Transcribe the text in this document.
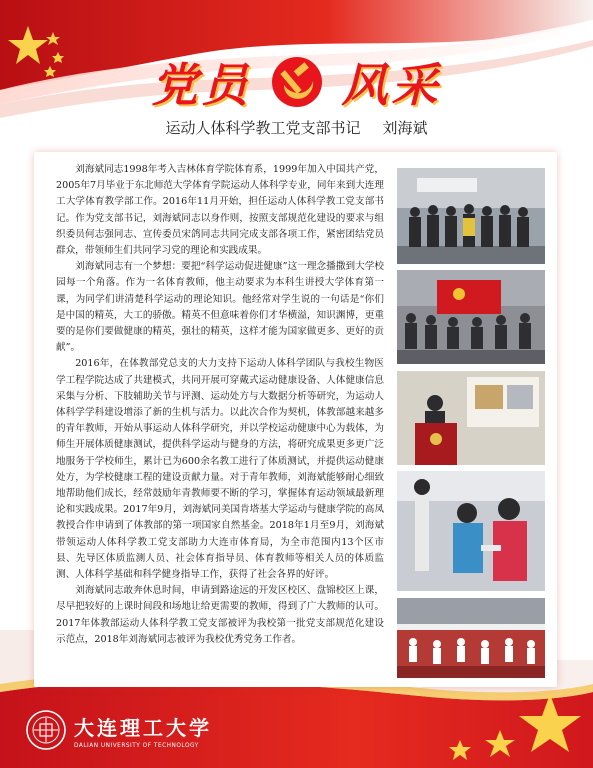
党员 风采
运动人体科学教工党支部书记 刘海斌

刘海斌同志1998年考入吉林体育学院体育系，1999年加入中国共产党，2005年7月毕业于东北师范大学体育学院运动人体科学专业，同年来到大连理工大学体育教学部工作。2016年11月开始，担任运动人体科学教工党支部书记。作为党支部书记，刘海斌同志以身作则，按照支部规范化建设的要求与组织委员何志强同志、宣传委员宋鸽同志共同完成支部各项工作，紧密团结党员群众，带领师生们共同学习党的理论和实践成果。

刘海斌同志有一个梦想：要把“科学运动促进健康”这一理念播撒到大学校园每一个角落。作为一名体育教师，他主动要求为本科生讲授大学体育第一课，为同学们讲清楚科学运动的理论知识。他经常对学生说的一句话是“你们是中国的精英，大工的骄傲。精英不但意味着你们才华横溢，知识渊博，更重要的是你们要做健康的精英，强壮的精英，这样才能为国家做更多、更好的贡献”。

2016年，在体教部党总支的大力支持下运动人体科学团队与我校生物医学工程学院达成了共建模式，共同开展可穿戴式运动健康设备、人体健康信息采集与分析、下肢辅助关节与评测、运动处方与大数据分析等研究，为运动人体科学学科建设增添了新的生机与活力。以此次合作为契机，体教部越来越多的青年教师，开始从事运动人体科学研究，并以学校运动健康中心为载体，为师生开展体质健康测试，提供科学运动与健身的方法，将研究成果更多更广泛地服务于学校师生，累计已为600余名教工进行了体质测试，并提供运动健康处方，为学校健康工程的建设贡献力量。对于青年教师，刘海斌能够耐心细致地帮助他们成长，经常鼓励年青教师要不断的学习，掌握体育运动领域最新理论和实践成果。2017年9月，刘海斌同美国肯塔基大学运动与健康学院的高凤教授合作申请到了体教部的第一项国家自然基金。2018年1月至9月，刘海斌带领运动人体科学教工党支部助力大连市体育局，为全市范围内13个区市县、先导区体质监测人员、社会体育指导员、体育教师等相关人员的体质监测、人体科学基础和科学健身指导工作，获得了社会各界的好评。

刘海斌同志敢奔休息时间，申请到路途远的开发区校区、盘锦校区上课，尽早把较好的上课时间段和场地让给更需要的教师，得到了广大教师的认可。2017年体教部运动人体科学教工党支部被评为我校第一批党支部规范化建设示范点，2018年刘海斌同志被评为我校优秀党务工作者。

大连理工大学
DALIAN UNIVERSITY OF TECHNOLOGY
